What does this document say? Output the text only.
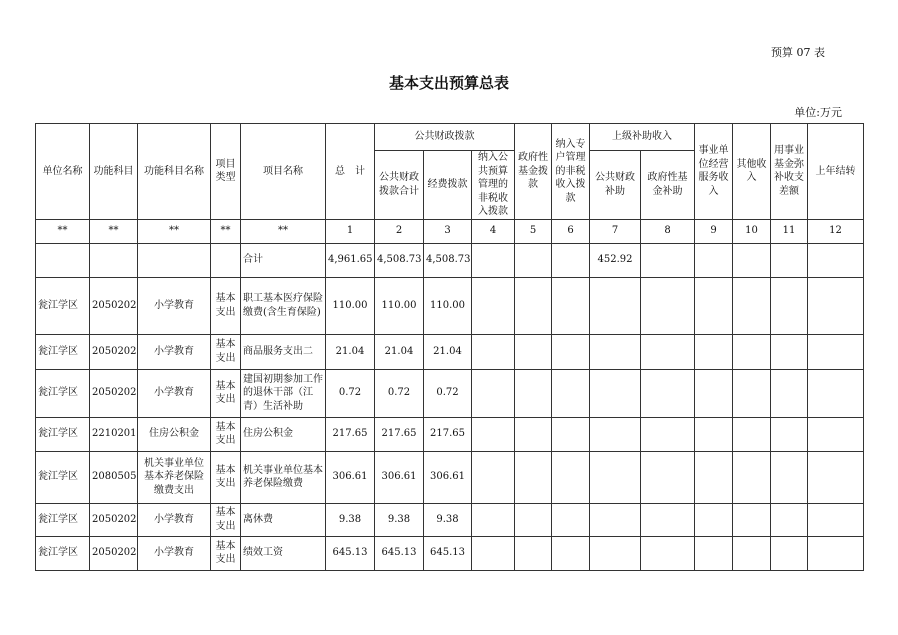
预算 07 表
基本支出预算总表
单位:万元
单位名称	功能科目	功能科目名称	项目类型	项目名称	总　计	公共财政拨款			政府性基金拨款	纳入专户管理的非税收入拨款	上级补助收入		事业单位经营服务收入	其他收入	用事业基金弥补收支差额	上年结转
						公共财政拨款合计	经费拨款	纳入公共预算管理的非税收入拨款			公共财政补助	政府性基金补助				
**	**	**	**	**	1	2	3	4	5	6	7	8	9	10	11	12
				合计	4,961.65	4,508.73	4,508.73				452.92					
瓮江学区	2050202	小学教育	基本支出	职工基本医疗保险缴费(含生育保险)	110.00	110.00	110.00									
瓮江学区	2050202	小学教育	基本支出	商品服务支出二	21.04	21.04	21.04									
瓮江学区	2050202	小学教育	基本支出	建国初期参加工作的退休干部（江青）生活补助	0.72	0.72	0.72									
瓮江学区	2210201	住房公积金	基本支出	住房公积金	217.65	217.65	217.65									
瓮江学区	2080505	机关事业单位基本养老保险缴费支出	基本支出	机关事业单位基本养老保险缴费	306.61	306.61	306.61									
瓮江学区	2050202	小学教育	基本支出	离休费	9.38	9.38	9.38									
瓮江学区	2050202	小学教育	基本支出	绩效工资	645.13	645.13	645.13									
